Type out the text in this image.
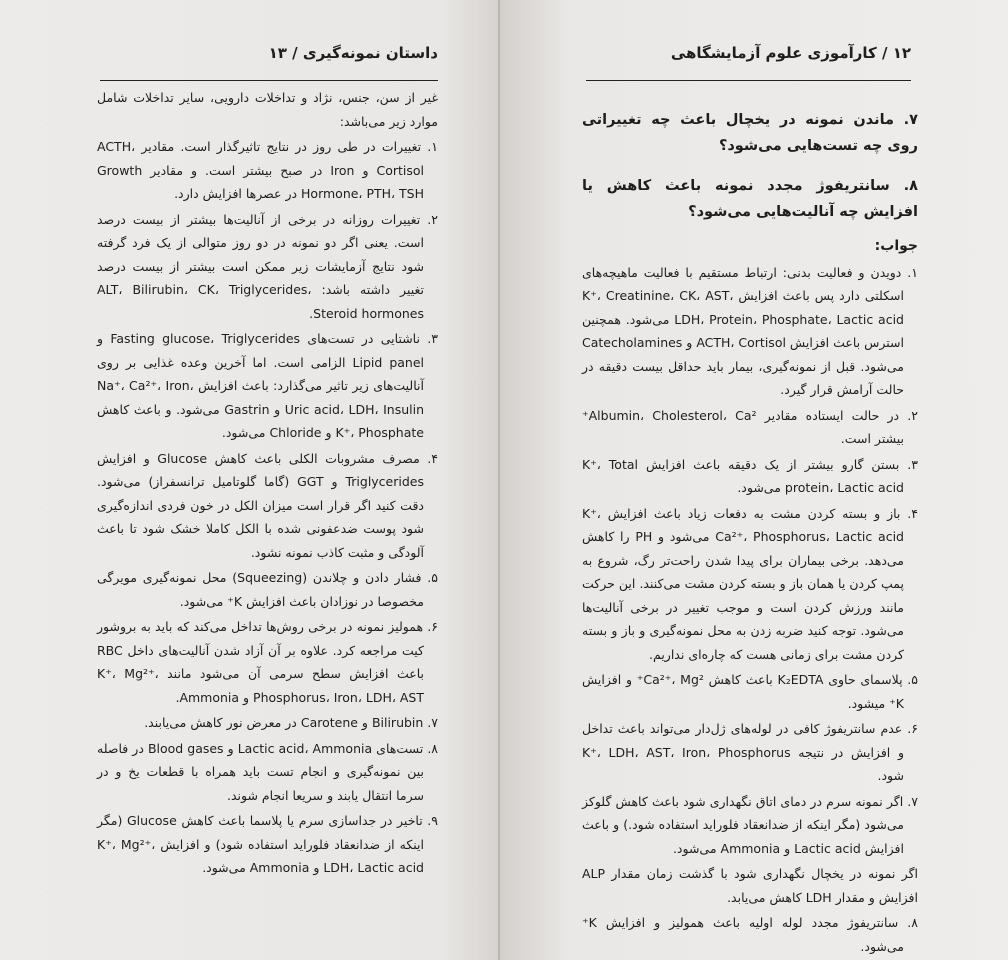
داستان نمونه‌گیری / ۱۳

غیر از سن، جنس، نژاد و تداخلات دارویی، سایر تداخلات شامل موارد زیر می‌باشد:

۱. تغییرات در طی روز در نتایج تاثیرگذار است. مقادیر ACTH، Cortisol و Iron در صبح بیشتر است. و مقادیر Growth Hormone، PTH، TSH در عصرها افزایش دارد.

۲. تغییرات روزانه در برخی از آنالیت‌ها بیشتر از بیست درصد است. یعنی اگر دو نمونه در دو روز متوالی از یک فرد گرفته شود نتایج آزمایشات زیر ممکن است بیشتر از بیست درصد تغییر داشته باشد: ALT، Bilirubin، CK، Triglycerides، Steroid hormones.

۳. ناشتایی در تست‌های Fasting glucose، Triglycerides و Lipid panel الزامی است. اما آخرین وعده غذایی بر روی آنالیت‌های زیر تاثیر می‌گذارد: باعث افزایش Na⁺، Ca²⁺، Iron، Uric acid، LDH، Insulin و Gastrin می‌شود. و باعث کاهش K⁺، Phosphate و Chloride می‌شود.

۴. مصرف مشروبات الکلی باعث کاهش Glucose و افزایش Triglycerides و GGT (گاما گلوتامیل ترانسفراز) می‌شود. دقت کنید اگر قرار است میزان الکل در خون فردی اندازه‌گیری شود پوست ضدعفونی شده با الکل کاملا خشک شود تا باعث آلودگی و مثبت کاذب نمونه نشود.

۵. فشار دادن و چلاندن (Squeezing) محل نمونه‌گیری مویرگی مخصوصا در نوزادان باعث افزایش K⁺ می‌شود.

۶. همولیز نمونه در برخی روش‌ها تداخل می‌کند که باید به بروشور کیت مراجعه کرد. علاوه بر آن آزاد شدن آنالیت‌های داخل RBC باعث افزایش سطح سرمی آن می‌شود مانند K⁺، Mg²⁺، Phosphorus، Iron، LDH، AST و Ammonia.

۷. Bilirubin و Carotene در معرض نور کاهش می‌یابند.

۸. تست‌های Lactic acid، Ammonia و Blood gases در فاصله بین نمونه‌گیری و انجام تست باید همراه با قطعات یخ و در سرما انتقال یابند و سریعا انجام شوند.

۹. تاخیر در جداسازی سرم یا پلاسما باعث کاهش Glucose (مگر اینکه از ضدانعقاد فلوراید استفاده شود) و افزایش K⁺، Mg²⁺، LDH، Lactic acid و Ammonia می‌شود.

۱۲ / کارآموزی علوم آزمایشگاهی

۷. ماندن نمونه در یخچال باعث چه تغییراتی روی چه تست‌هایی می‌شود؟

۸. سانتریفوژ مجدد نمونه باعث کاهش یا افزایش چه آنالیت‌هایی می‌شود؟

جواب:

۱. دویدن و فعالیت بدنی: ارتباط مستقیم با فعالیت ماهیچه‌های اسکلتی دارد پس باعث افزایش K⁺، Creatinine، CK، AST، LDH، Protein، Phosphate، Lactic acid می‌شود. همچنین استرس باعث افزایش ACTH، Cortisol و Catecholamines می‌شود. قبل از نمونه‌گیری، بیمار باید حداقل بیست دقیقه در حالت آرامش قرار گیرد.

۲. در حالت ایستاده مقادیر Albumin، Cholesterol، Ca²⁺ بیشتر است.

۳. بستن گارو بیشتر از یک دقیقه باعث افزایش K⁺، Total protein، Lactic acid می‌شود.

۴. باز و بسته کردن مشت به دفعات زیاد باعث افزایش K⁺، Ca²⁺، Phosphorus، Lactic acid می‌شود و PH را کاهش می‌دهد. برخی بیماران برای پیدا شدن راحت‌تر رگ، شروع به پمپ کردن یا همان باز و بسته کردن مشت می‌کنند. این حرکت مانند ورزش کردن است و موجب تغییر در برخی آنالیت‌ها می‌شود. توجه کنید ضربه زدن به محل نمونه‌گیری و باز و بسته کردن مشت برای زمانی هست که چاره‌ای نداریم.

۵. پلاسمای حاوی K₂EDTA باعث کاهش Ca²⁺، Mg²⁺ و افزایش K⁺ میشود.

۶. عدم سانتریفوژ کافی در لوله‌های ژل‌دار می‌تواند باعث تداخل و افزایش در نتیجه K⁺، LDH، AST، Iron، Phosphorus شود.

۷. اگر نمونه سرم در دمای اتاق نگهداری شود باعث کاهش گلوکز می‌شود (مگر اینکه از ضدانعقاد فلوراید استفاده شود.) و باعث افزایش Lactic acid و Ammonia می‌شود.

اگر نمونه در یخچال نگهداری شود با گذشت زمان مقدار ALP افزایش و مقدار LDH کاهش می‌یابد.

۸. سانتریفوژ مجدد لوله اولیه باعث همولیز و افزایش K⁺ می‌شود.
